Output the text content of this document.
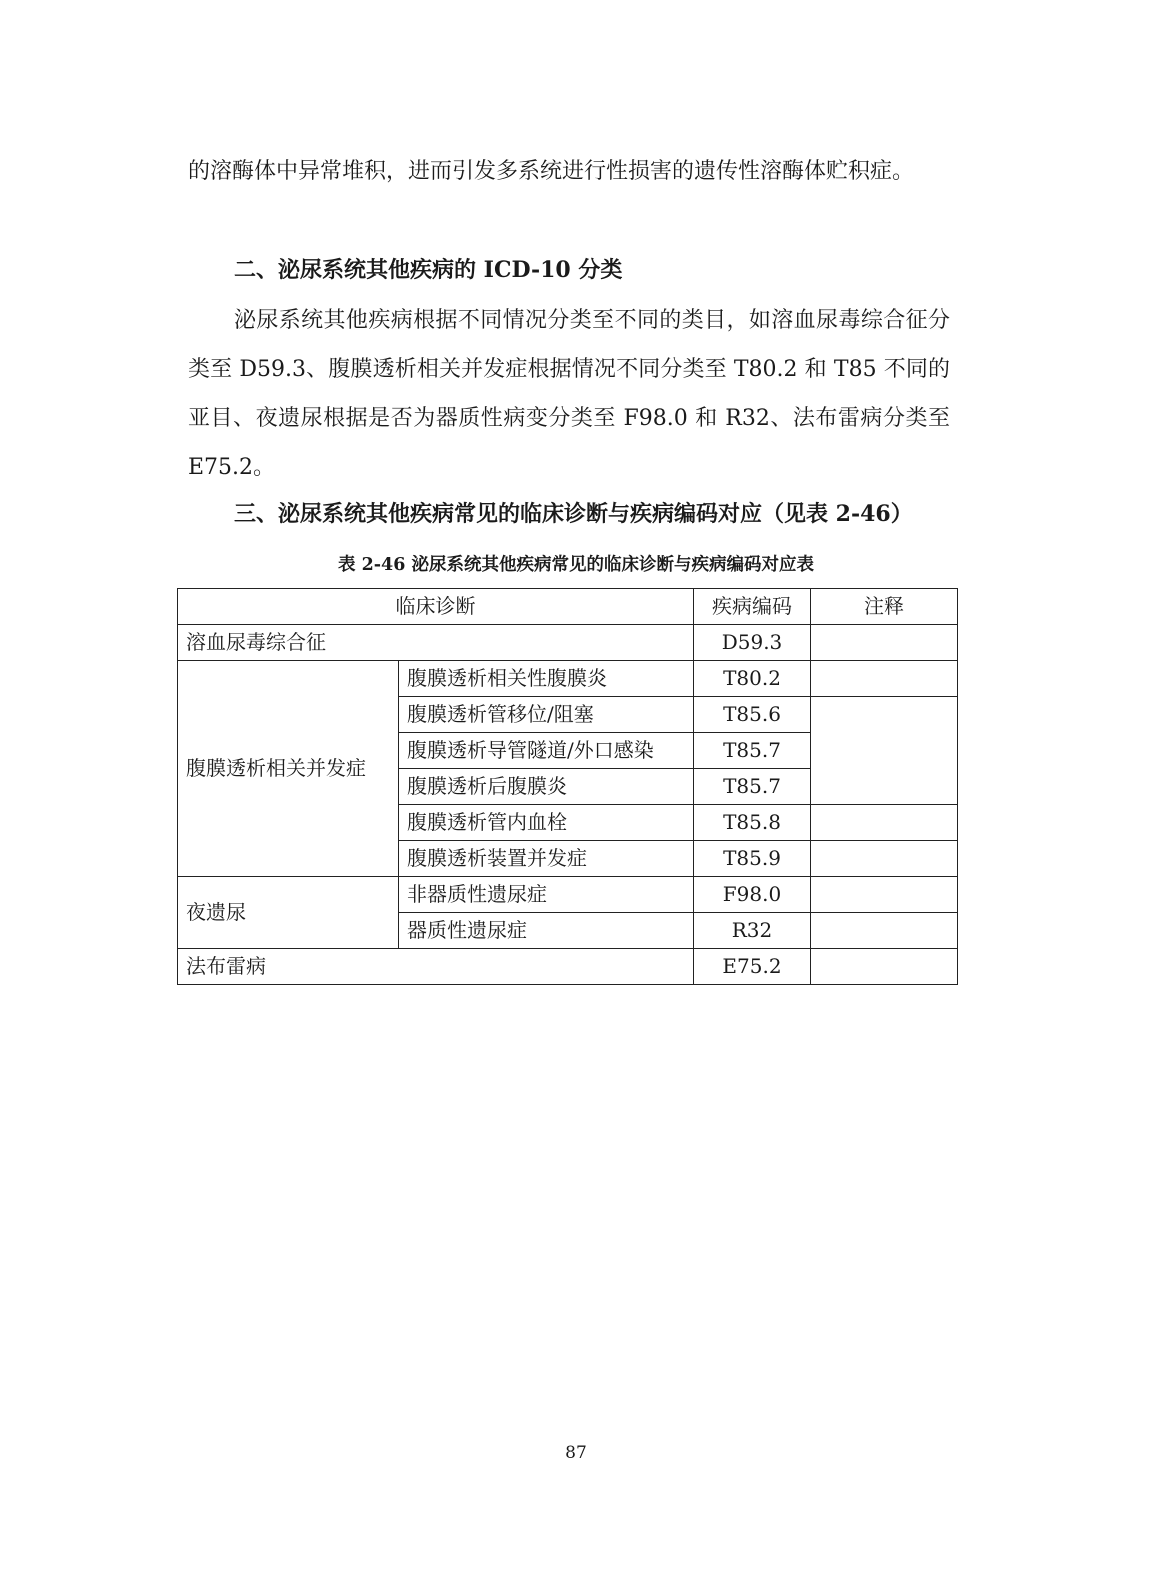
的溶酶体中异常堆积，进而引发多系统进行性损害的遗传性溶酶体贮积症。

二、泌尿系统其他疾病的 ICD-10 分类

泌尿系统其他疾病根据不同情况分类至不同的类目，如溶血尿毒综合征分类至 D59.3、腹膜透析相关并发症根据情况不同分类至 T80.2 和 T85 不同的亚目、夜遗尿根据是否为器质性病变分类至 F98.0 和 R32、法布雷病分类至 E75.2。

三、泌尿系统其他疾病常见的临床诊断与疾病编码对应（见表 2-46）

表 2-46 泌尿系统其他疾病常见的临床诊断与疾病编码对应表

临床诊断		疾病编码	注释
溶血尿毒综合征		D59.3	
腹膜透析相关并发症	腹膜透析相关性腹膜炎	T80.2	
	腹膜透析管移位/阻塞	T85.6	
	腹膜透析导管隧道/外口感染	T85.7	
	腹膜透析后腹膜炎	T85.7	
	腹膜透析管内血栓	T85.8	
	腹膜透析装置并发症	T85.9	
夜遗尿	非器质性遗尿症	F98.0	
	器质性遗尿症	R32	
法布雷病		E75.2	

87
